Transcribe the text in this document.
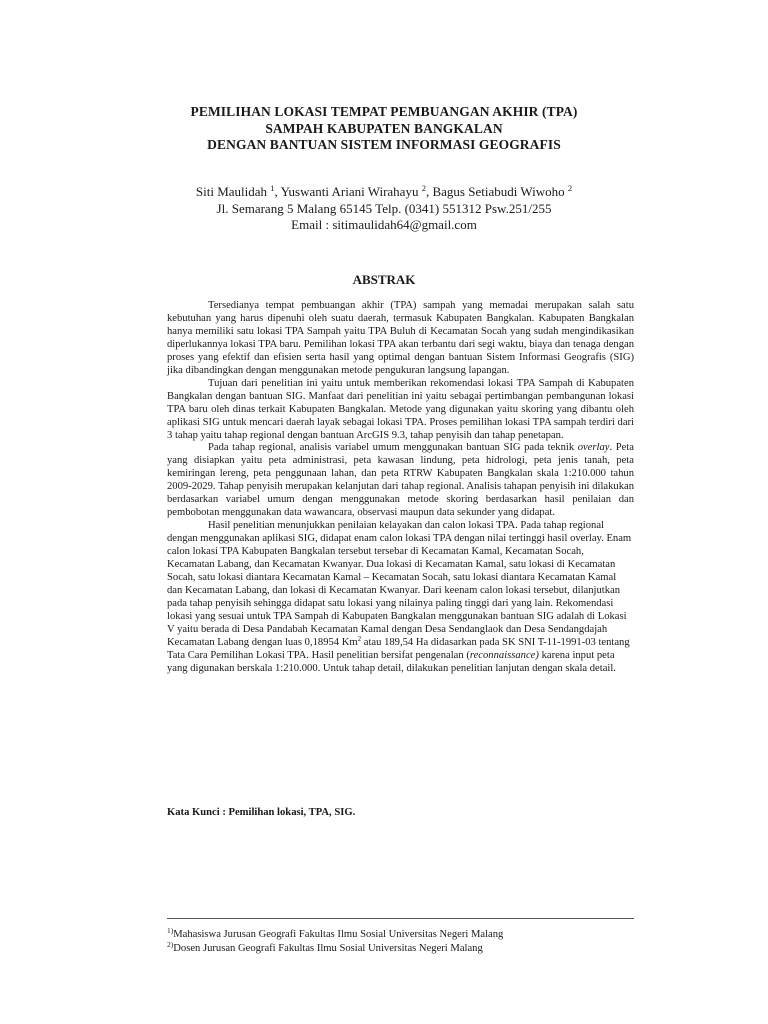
PEMILIHAN LOKASI TEMPAT PEMBUANGAN AKHIR (TPA)
SAMPAH KABUPATEN BANGKALAN
DENGAN BANTUAN SISTEM INFORMASI GEOGRAFIS
Siti Maulidah $^1$, Yuswanti Ariani Wirahayu $^2$, Bagus Setiabudi Wiwoho $^2$
Jl. Semarang 5 Malang 65145 Telp. (0341) 551312 Psw.251/255
Email : sitimaulidah64@gmail.com
ABSTRAK

Tersedianya tempat pembuangan akhir (TPA) sampah yang memadai merupakan salah satu kebutuhan yang harus dipenuhi oleh suatu daerah, termasuk Kabupaten Bangkalan. Kabupaten Bangkalan hanya memiliki satu lokasi TPA Sampah yaitu TPA Buluh di Kecamatan Socah yang sudah mengindikasikan diperlukannya lokasi TPA baru. Pemilihan lokasi TPA akan terbantu dari segi waktu, biaya dan tenaga dengan proses yang efektif dan efisien serta hasil yang optimal dengan bantuan Sistem Informasi Geografis (SIG) jika dibandingkan dengan menggunakan metode pengukuran langsung lapangan.

Tujuan dari penelitian ini yaitu untuk memberikan rekomendasi lokasi TPA Sampah di Kabupaten Bangkalan dengan bantuan SIG. Manfaat dari penelitian ini yaitu sebagai pertimbangan pembangunan lokasi TPA baru oleh dinas terkait Kabupaten Bangkalan. Metode yang digunakan yaitu skoring yang dibantu oleh aplikasi SIG untuk mencari daerah layak sebagai lokasi TPA. Proses pemilihan lokasi TPA sampah terdiri dari 3 tahap yaitu tahap regional dengan bantuan ArcGIS 9.3, tahap penyisih dan tahap penetapan.

Pada tahap regional, analisis variabel umum menggunakan bantuan SIG pada teknik overlay. Peta yang disiapkan yaitu peta administrasi, peta kawasan lindung, peta hidrologi, peta jenis tanah, peta kemiringan lereng, peta penggunaan lahan, dan peta RTRW Kabupaten Bangkalan skala 1:210.000 tahun 2009-2029. Tahap penyisih merupakan kelanjutan dari tahap regional. Analisis tahapan penyisih ini dilakukan berdasarkan variabel umum dengan menggunakan metode skoring berdasarkan hasil penilaian dan pembobotan menggunakan data wawancara, observasi maupun data sekunder yang didapat.

Hasil penelitian menunjukkan penilaian kelayakan dan calon lokasi TPA. Pada tahap regional dengan menggunakan aplikasi SIG, didapat enam calon lokasi TPA dengan nilai tertinggi hasil overlay. Enam calon lokasi TPA Kabupaten Bangkalan tersebut tersebar di Kecamatan Kamal, Kecamatan Socah, Kecamatan Labang, dan Kecamatan Kwanyar. Dua lokasi di Kecamatan Kamal, satu lokasi di Kecamatan Socah, satu lokasi diantara Kecamatan Kamal – Kecamatan Socah, satu lokasi diantara Kecamatan Kamal dan Kecamatan Labang, dan lokasi di Kecamatan Kwanyar. Dari keenam calon lokasi tersebut, dilanjutkan pada tahap penyisih sehingga didapat satu lokasi yang nilainya paling tinggi dari yang lain. Rekomendasi lokasi yang sesuai untuk TPA Sampah di Kabupaten Bangkalan menggunakan bantuan SIG adalah di Lokasi V yaitu berada di Desa Pandabah Kecamatan Kamal dengan Desa Sendanglaok dan Desa Sendangdajah Kecamatan Labang dengan luas 0,18954 Km$^2$ atau 189,54 Ha didasarkan pada SK SNI T-11-1991-03 tentang Tata Cara Pemilihan Lokasi TPA. Hasil penelitian bersifat pengenalan (reconnaissance) karena input peta yang digunakan berskala 1:210.000. Untuk tahap detail, dilakukan penelitian lanjutan dengan skala detail.

Kata Kunci : Pemilihan lokasi, TPA, SIG.
$^{1)}$Mahasiswa Jurusan Geografi Fakultas Ilmu Sosial Universitas Negeri Malang
$^{2)}$Dosen Jurusan Geografi Fakultas Ilmu Sosial Universitas Negeri Malang
